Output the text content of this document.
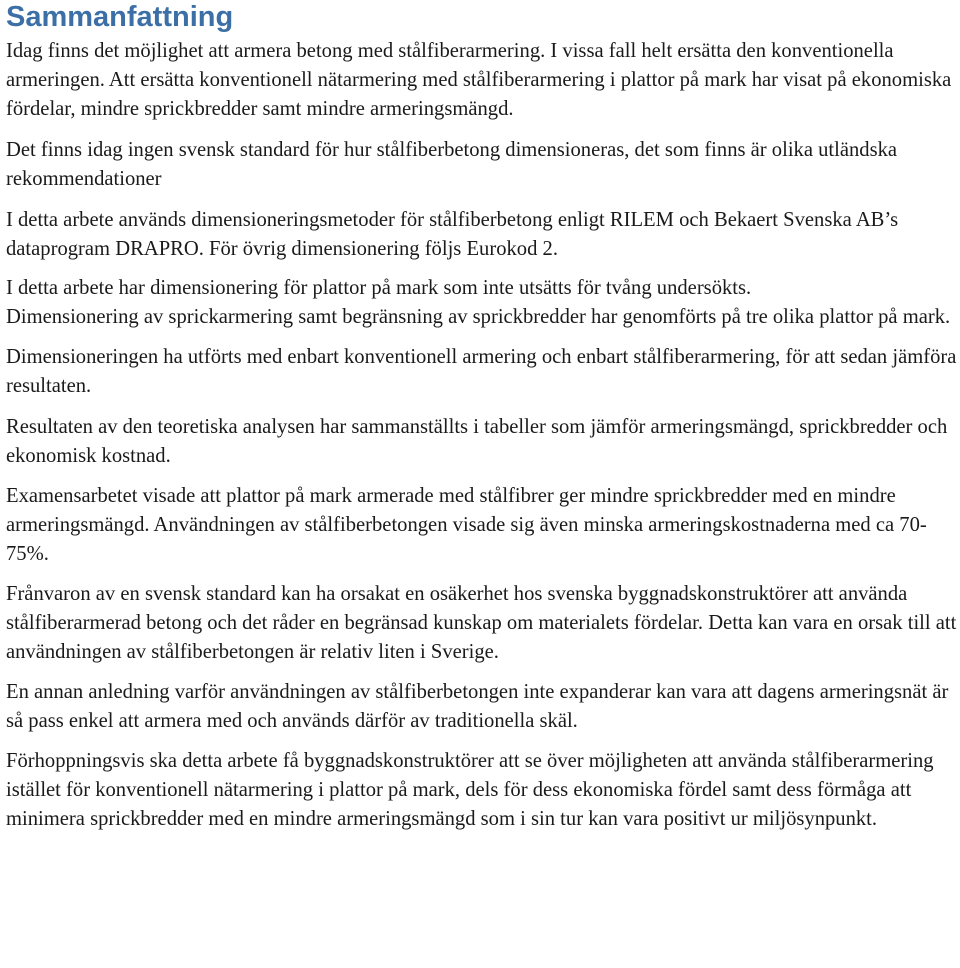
Sammanfattning

Idag finns det möjlighet att armera betong med stålfiberarmering. I vissa fall helt ersätta den konventionella armeringen. Att ersätta konventionell nätarmering med stålfiberarmering i plattor på mark har visat på ekonomiska fördelar, mindre sprickbredder samt mindre armeringsmängd.

Det finns idag ingen svensk standard för hur stålfiberbetong dimensioneras, det som finns är olika utländska rekommendationer

I detta arbete används dimensioneringsmetoder för stålfiberbetong enligt RILEM och Bekaert Svenska AB’s dataprogram DRAPRO. För övrig dimensionering följs Eurokod 2.

I detta arbete har dimensionering för plattor på mark som inte utsätts för tvång undersökts.

Dimensionering av sprickarmering samt begränsning av sprickbredder har genomförts på tre olika plattor på mark.

Dimensioneringen ha utförts med enbart konventionell armering och enbart stålfiberarmering, för att sedan jämföra resultaten.

Resultaten av den teoretiska analysen har sammanställts i tabeller som jämför armeringsmängd, sprickbredder och ekonomisk kostnad.

Examensarbetet visade att plattor på mark armerade med stålfibrer ger mindre sprickbredder med en mindre armeringsmängd. Användningen av stålfiberbetongen visade sig även minska armeringskostnaderna med ca 70-75%.

Frånvaron av en svensk standard kan ha orsakat en osäkerhet hos svenska byggnadskonstruktörer att använda stålfiberarmerad betong och det råder en begränsad kunskap om materialets fördelar. Detta kan vara en orsak till att användningen av stålfiberbetongen är relativ liten i Sverige.

En annan anledning varför användningen av stålfiberbetongen inte expanderar kan vara att dagens armeringsnät är så pass enkel att armera med och används därför av traditionella skäl.

Förhoppningsvis ska detta arbete få byggnadskonstruktörer att se över möjligheten att använda stålfiberarmering istället för konventionell nätarmering i plattor på mark, dels för dess ekonomiska fördel samt dess förmåga att minimera sprickbredder med en mindre armeringsmängd som i sin tur kan vara positivt ur miljösynpunkt.
